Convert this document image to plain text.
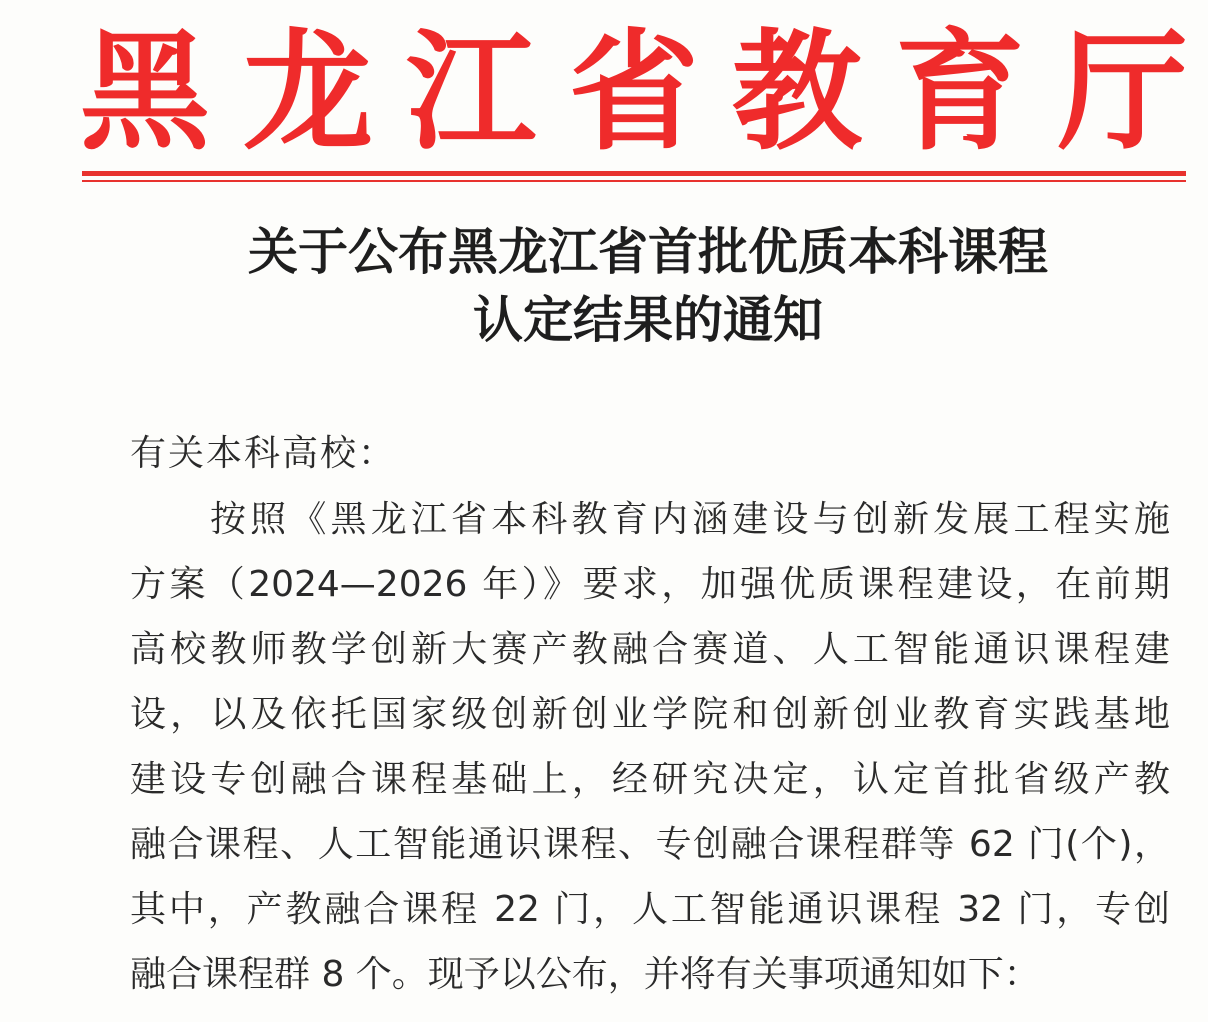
黑 龙 江 省 教 育 厅
关于公布黑龙江省首批优质本科课程
认定结果的通知
有关本科高校：
按照《黑龙江省本科教育内涵建设与创新发展工程实施
方案（2024—2026 年）》要求，加强优质课程建设，在前期
高校教师教学创新大赛产教融合赛道、人工智能通识课程建
设，以及依托国家级创新创业学院和创新创业教育实践基地
建设专创融合课程基础上，经研究决定，认定首批省级产教
融合课程、人工智能通识课程、专创融合课程群等 62 门(个)，
其中，产教融合课程 22 门，人工智能通识课程 32 门，专创
融合课程群 8 个。现予以公布，并将有关事项通知如下：
